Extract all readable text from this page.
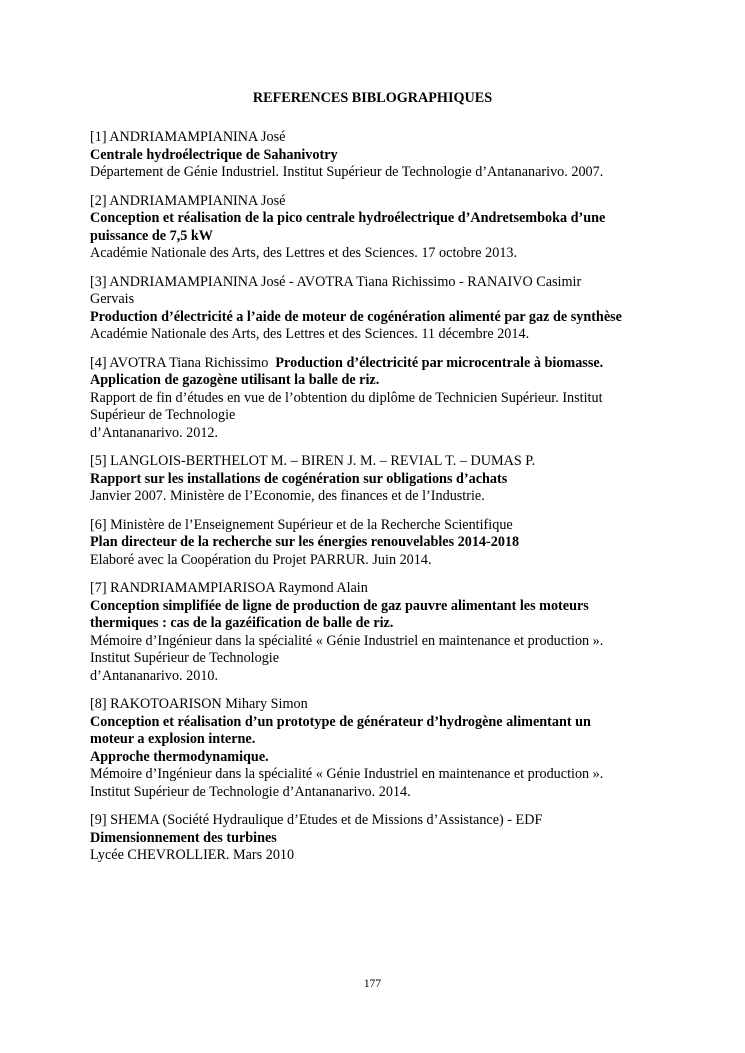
REFERENCES BIBLOGRAPHIQUES
[1] ANDRIAMAMPIANINA José
Centrale hydroélectrique de Sahanivotry
Département de Génie Industriel. Institut Supérieur de Technologie d’Antananarivo. 2007.
[2] ANDRIAMAMPIANINA José
Conception et réalisation de la pico centrale hydroélectrique d’Andretsemboka d’une
puissance de 7,5 kW
Académie Nationale des Arts, des Lettres et des Sciences. 17 octobre 2013.
[3] ANDRIAMAMPIANINA José - AVOTRA Tiana Richissimo - RANAIVO Casimir
Gervais
Production d’électricité a l’aide de moteur de cogénération alimenté par gaz de synthèse
Académie Nationale des Arts, des Lettres et des Sciences. 11 décembre 2014.
[4] AVOTRA Tiana Richissimo  Production d’électricité par microcentrale à biomasse.
Application de gazogène utilisant la balle de riz.
Rapport de fin d’études en vue de l’obtention du diplôme de Technicien Supérieur. Institut
Supérieur de Technologie
d’Antananarivo. 2012.
[5] LANGLOIS-BERTHELOT M. – BIREN J. M. – REVIAL T. – DUMAS P.
Rapport sur les installations de cogénération sur obligations d’achats
Janvier 2007. Ministère de l’Economie, des finances et de l’Industrie.
[6] Ministère de l’Enseignement Supérieur et de la Recherche Scientifique
Plan directeur de la recherche sur les énergies renouvelables 2014-2018
Elaboré avec la Coopération du Projet PARRUR. Juin 2014.
[7] RANDRIAMAMPIARISOA Raymond Alain
Conception simplifiée de ligne de production de gaz pauvre alimentant les moteurs
thermiques : cas de la gazéification de balle de riz.
Mémoire d’Ingénieur dans la spécialité « Génie Industriel en maintenance et production ».
Institut Supérieur de Technologie
d’Antananarivo. 2010.
[8] RAKOTOARISON Mihary Simon
Conception et réalisation d’un prototype de générateur d’hydrogène alimentant un
moteur a explosion interne.
Approche thermodynamique.
Mémoire d’Ingénieur dans la spécialité « Génie Industriel en maintenance et production ».
Institut Supérieur de Technologie d’Antananarivo. 2014.
[9] SHEMA (Société Hydraulique d’Etudes et de Missions d’Assistance) - EDF
Dimensionnement des turbines
Lycée CHEVROLLIER. Mars 2010
177
